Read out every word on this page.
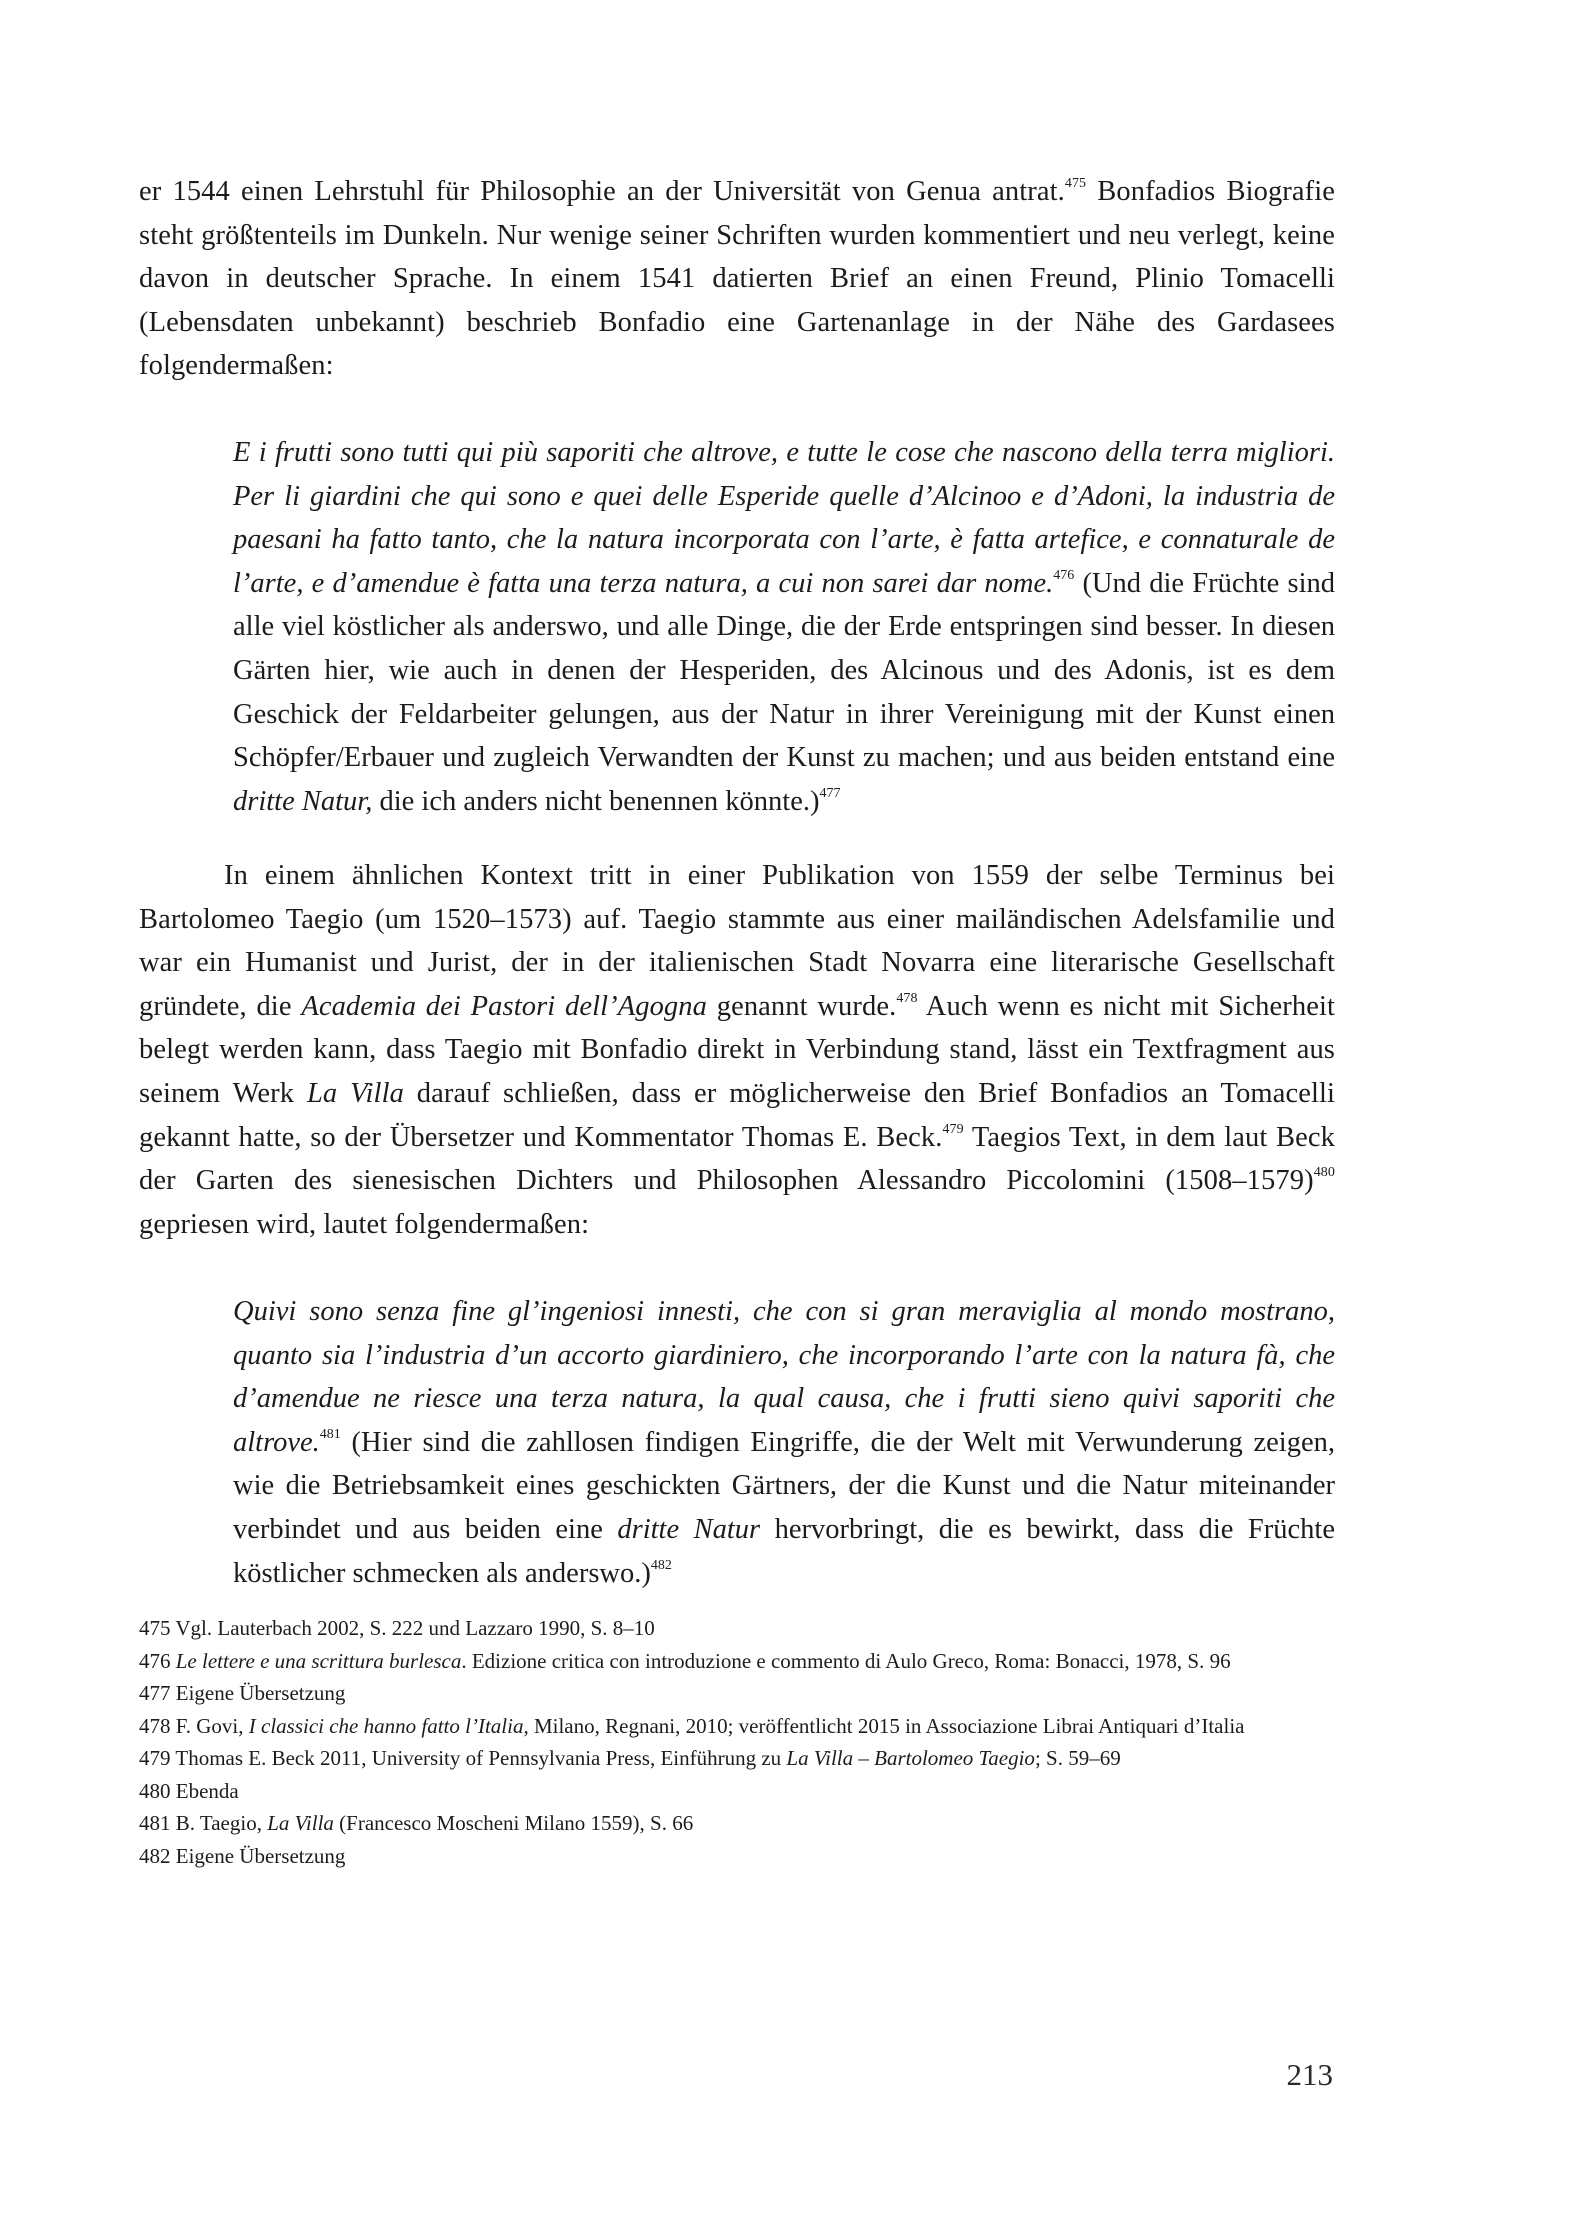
er 1544 einen Lehrstuhl für Philosophie an der Universität von Genua antrat.$^{475}$ Bonfadios Biografie steht größtenteils im Dunkeln. Nur wenige seiner Schriften wurden kommentiert und neu verlegt, keine davon in deutscher Sprache. In einem 1541 datierten Brief an einen Freund, Plinio Tomacelli (Lebensdaten unbekannt) beschrieb Bonfadio eine Gartenanlage in der Nähe des Gardasees folgendermaßen:

E i frutti sono tutti qui più saporiti che altrove, e tutte le cose che nascono della terra migliori. Per li giardini che qui sono e quei delle Esperide quelle d’Alcinoo e d’Adoni, la industria de paesani ha fatto tanto, che la natura incorporata con l’arte, è fatta artefice, e connaturale de l’arte, e d’amendue è fatta una terza natura, a cui non sarei dar nome.$^{476}$ (Und die Früchte sind alle viel köstlicher als anderswo, und alle Dinge, die der Erde entspringen sind besser. In diesen Gärten hier, wie auch in denen der Hesperiden, des Alcinous und des Adonis, ist es dem Geschick der Feldarbeiter gelungen, aus der Natur in ihrer Vereinigung mit der Kunst einen Schöpfer/Erbauer und zugleich Verwandten der Kunst zu machen; und aus beiden entstand eine dritte Natur, die ich anders nicht benennen könnte.)$^{477}$

In einem ähnlichen Kontext tritt in einer Publikation von 1559 der selbe Terminus bei Bartolomeo Taegio (um 1520–1573) auf. Taegio stammte aus einer mailändischen Adelsfamilie und war ein Humanist und Jurist, der in der italienischen Stadt Novarra eine literarische Gesellschaft gründete, die Academia dei Pastori dell’Agogna genannt wurde.$^{478}$ Auch wenn es nicht mit Sicherheit belegt werden kann, dass Taegio mit Bonfadio direkt in Verbindung stand, lässt ein Textfragment aus seinem Werk La Villa darauf schließen, dass er möglicherweise den Brief Bonfadios an Tomacelli gekannt hatte, so der Übersetzer und Kommentator Thomas E. Beck.$^{479}$ Taegios Text, in dem laut Beck der Garten des sienesischen Dichters und Philosophen Alessandro Piccolomini (1508–1579)$^{480}$ gepriesen wird, lautet folgendermaßen:

Quivi sono senza fine gl’ingeniosi innesti, che con si gran meraviglia al mondo mostrano, quanto sia l’industria d’un accorto giardiniero, che incorporando l’arte con la natura fà, che d’amendue ne riesce una terza natura, la qual causa, che i frutti sieno quivi saporiti che altrove.$^{481}$ (Hier sind die zahllosen findigen Eingriffe, die der Welt mit Verwunderung zeigen, wie die Betriebsamkeit eines geschickten Gärtners, der die Kunst und die Natur miteinander verbindet und aus beiden eine dritte Natur hervorbringt, die es bewirkt, dass die Früchte köstlicher schmecken als anderswo.)$^{482}$

475 Vgl. Lauterbach 2002, S. 222 und Lazzaro 1990, S. 8–10
476 Le lettere e una scrittura burlesca. Edizione critica con introduzione e commento di Aulo Greco, Roma: Bonacci, 1978, S. 96
477 Eigene Übersetzung
478 F. Govi, I classici che hanno fatto l’Italia, Milano, Regnani, 2010; veröffentlicht 2015 in Associazione Librai Antiquari d’Italia
479 Thomas E. Beck 2011, University of Pennsylvania Press, Einführung zu La Villa – Bartolomeo Taegio; S. 59–69
480 Ebenda
481 B. Taegio, La Villa (Francesco Moscheni Milano 1559), S. 66
482 Eigene Übersetzung
213
